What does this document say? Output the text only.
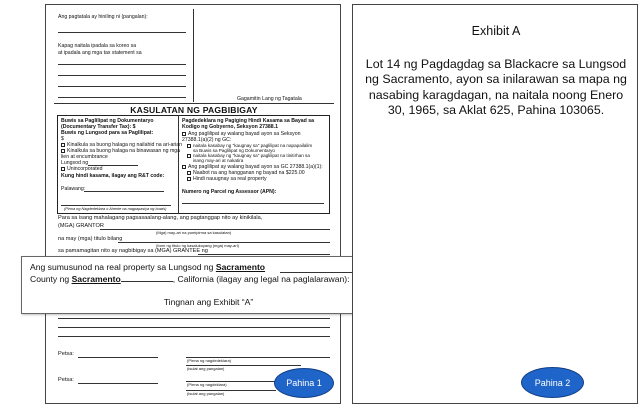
Ang pagtatala ay hiniling ni (pangalan):
Kapag naitala ipadala sa koreo sa
at ipadala ang mga tax statement sa
Gagamitin Lang ng Tagatala
KASULATAN NG PAGBIBIGAY
Buwis sa Paglilipat ng Dokumentaryo
(Documentary Transfer Tax): $
Buwis ng Lungsod para sa Paglilipat:
$
Kinalkula sa buong halaga ng nailahid na ari-arian
Kinalkula sa buong halaga na binawasan ng mga
lien at encumbrance
Lungsod ng
Unincorporated
Kung hindi kasama, ilagay ang R&T code:
Palawang:
(Pirma ng Nagdedeklara o Ahente na nagpapasiya ng buwis)
Pagdedeklara ng Pagiging Hindi Kasama sa Bayad sa
Kodigo ng Gobyerno, Seksyon 27388.1
Ang paglilipat ay walang bayad ayon sa Seksyon
27388.1(a)(2) ng GC:
naitala kasabay ng "kaugnay sa" paglilipat na napapailalim
sa Buwis sa Paglilipat ng Dokumentaryo
naitala kasabay ng "kaugnay sa" paglilipat na tinitirhan sa
isang may-ari at nakatira
Ang paglilipat ay walang bayad ayon sa GC 27388.1(a)(1):
Naabot na ang hangganan ng bayad na $225.00
Hindi nauugnay sa real property
Numero ng Parcel ng Assessor (APN):
Para sa isang mahalagang pagsasaalang-alang, ang pagtanggap nito ay kinikilala,
(MGA) GRANTOR
(Mga) may-ari na pumipirma sa kasulatan)
na may (mga) titulo bilang
(form ng titulo ng kasalukuyang (mga) may-ari)
sa pamamagitan nito ay nagbibigay sa (MGA) GRANTEE ng
Petsa:
(Pirma ng nagdedeklara)
(isulat ang pangalan)
Petsa:
(Pirma ng nagdeklara)
(isulat ang pangalan)
Pahina 1
Ang sumusunod na real property sa Lungsod ng Sacramento
County ng Sacramento	, California (ilagay ang legal na paglalarawan):
Tingnan ang Exhibit “A”
Exhibit A
Lot 14 ng Pagdagdag sa Blackacre sa Lungsod ng Sacramento, ayon sa inilarawan sa mapa ng nasabing karagdagan, na naitala noong Enero 30, 1965, sa Aklat 625, Pahina 103065.
Pahina 2
